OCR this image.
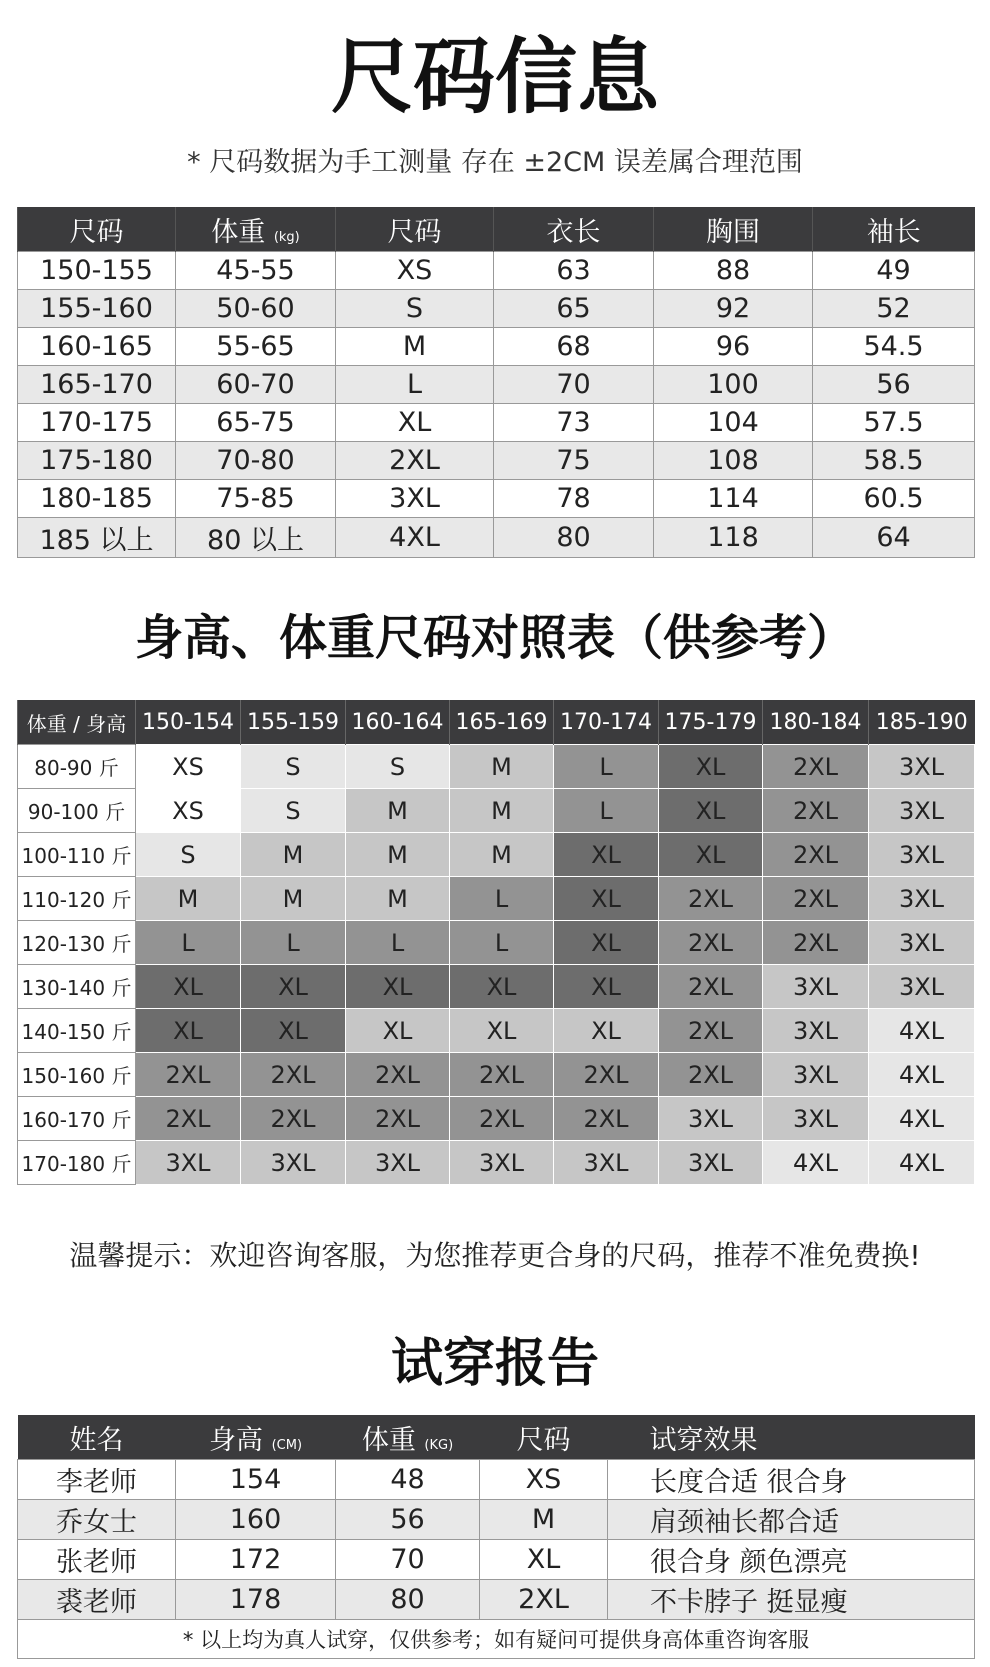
尺码信息
* 尺码数据为手工测量 存在 ±2CM 误差属合理范围
尺码	体重 (kg)	尺码	衣长	胸围	袖长
150-155	45-55	XS	63	88	49
155-160	50-60	S	65	92	52
160-165	55-65	M	68	96	54.5
165-170	60-70	L	70	100	56
170-175	65-75	XL	73	104	57.5
175-180	70-80	2XL	75	108	58.5
180-185	75-85	3XL	78	114	60.5
185 以上	80 以上	4XL	80	118	64
身高、体重尺码对照表（供参考）
体重 / 身高	150-154	155-159	160-164	165-169	170-174	175-179	180-184	185-190
80-90 斤	XS	S	S	M	L	XL	2XL	3XL
90-100 斤	XS	S	M	M	L	XL	2XL	3XL
100-110 斤	S	M	M	M	XL	XL	2XL	3XL
110-120 斤	M	M	M	L	XL	2XL	2XL	3XL
120-130 斤	L	L	L	L	XL	2XL	2XL	3XL
130-140 斤	XL	XL	XL	XL	XL	2XL	3XL	3XL
140-150 斤	XL	XL	XL	XL	XL	2XL	3XL	4XL
150-160 斤	2XL	2XL	2XL	2XL	2XL	2XL	3XL	4XL
160-170 斤	2XL	2XL	2XL	2XL	2XL	3XL	3XL	4XL
170-180 斤	3XL	3XL	3XL	3XL	3XL	3XL	4XL	4XL
温馨提示：欢迎咨询客服，为您推荐更合身的尺码，推荐不准免费换!
试穿报告
姓名	身高 (CM)	体重 (KG)	尺码	试穿效果
李老师	154	48	XS	长度合适 很合身
乔女士	160	56	M	肩颈袖长都合适
张老师	172	70	XL	很合身 颜色漂亮
裘老师	178	80	2XL	不卡脖子 挺显瘦
* 以上均为真人试穿，仅供参考；如有疑问可提供身高体重咨询客服				
